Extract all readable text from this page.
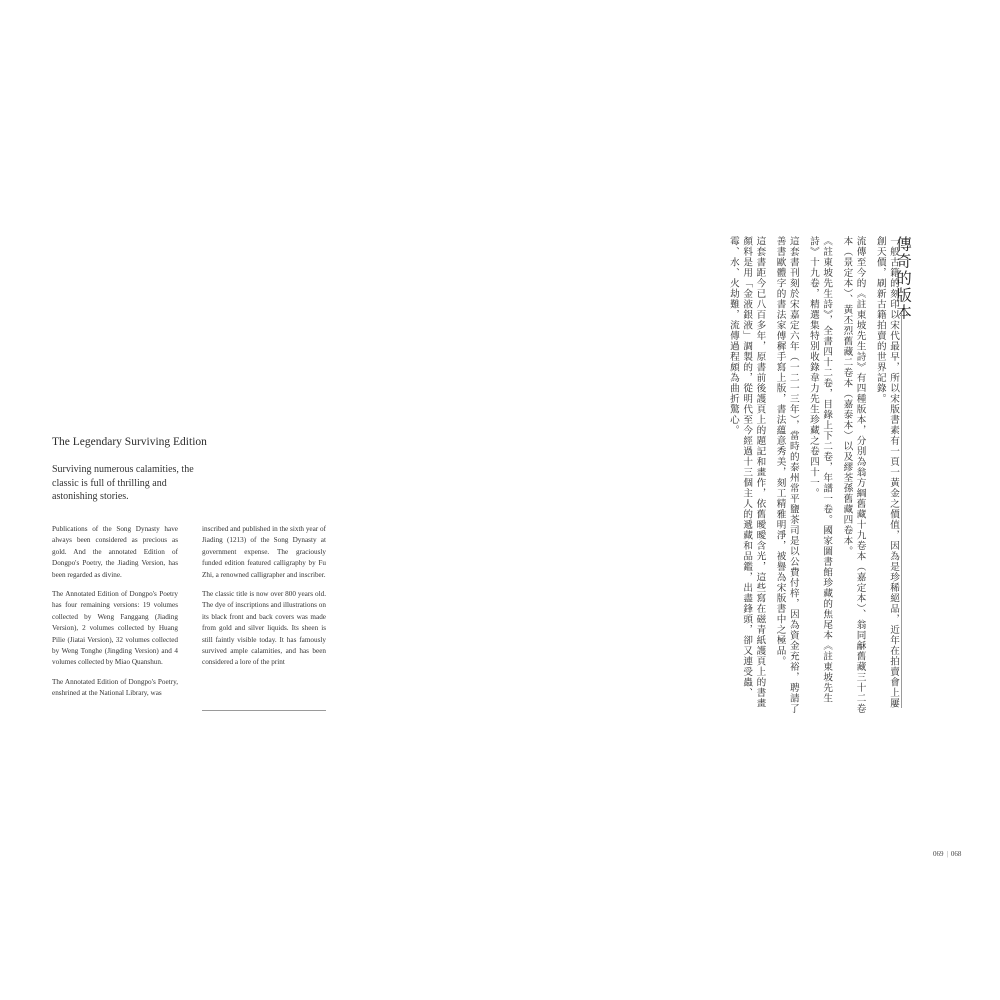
The Legendary Surviving Edition
Surviving numerous calamities, the classic is full of thrilling and astonishing stories.

Publications of the Song Dynasty have always been considered as precious as gold. And the annotated Edition of Dongpo's Poetry, the Jiading Version, has been regarded as divine.

The Annotated Edition of Dongpo's Poetry has four remaining versions: 19 volumes collected by Weng Fanggang (Jiading Version), 2 volumes collected by Huang Pilie (Jiatai Version), 32 volumes collected by Weng Tonghe (Jingding Version) and 4 volumes collected by Miao Quanshun.

The Annotated Edition of Dongpo's Poetry, enshrined at the National Library, was

inscribed and published in the sixth year of Jiading (1213) of the Song Dynasty at government expense. The graciously funded edition featured calligraphy by Fu Zhi, a renowned calligrapher and inscriber.

The classic title is now over 800 years old. The dye of inscriptions and illustrations on its black front and back covers was made from gold and silver liquids. Its sheen is still faintly visible today. It has famously survived ample calamities, and has been considered a lore of the print

傳奇的版本

一般古籍的刻印以宋代最早，所以宋版書素有一頁一黃金之價值，因為是珍稀絕品，近年在拍賣會上屢創天價，刷新古籍拍賣的世界記錄。

流傳至今的《註東坡先生詩》有四種版本，分別為翁方綱舊藏十九卷本（嘉定本）、翁同龢舊藏三十二卷本（景定本）、黃丕烈舊藏二卷本（嘉泰本）以及繆荃孫舊藏四卷本。

《註東坡先生詩》，全書四十二卷，目錄上下二卷，年譜一卷。國家圖書館珍藏的焦尾本《註東坡先生詩》十九卷，精選集特別收錄韋力先生珍藏之卷四十一。

這套書刊刻於宋嘉定六年（一二一三年），當時的泰州常平鹽茶司是以公費付梓，因為資金充裕，聘請了善書歐體字的書法家傅穉手寫上版，書法蘊意秀美，刻工精雅明淨，被譽為宋版書中之極品。

這套書距今已八百多年，原書前後護頁上的題記和畫作，依舊曖曖含光，這些寫在磁青紙護頁上的書畫顏料是用「金液銀液」調製的，從明代至今經過十三個主人的遞藏和品鑑，出盡鋒頭，卻又連受蟲、霉、水、火劫難，流傳過程頗為曲折驚心。

069 | 068
